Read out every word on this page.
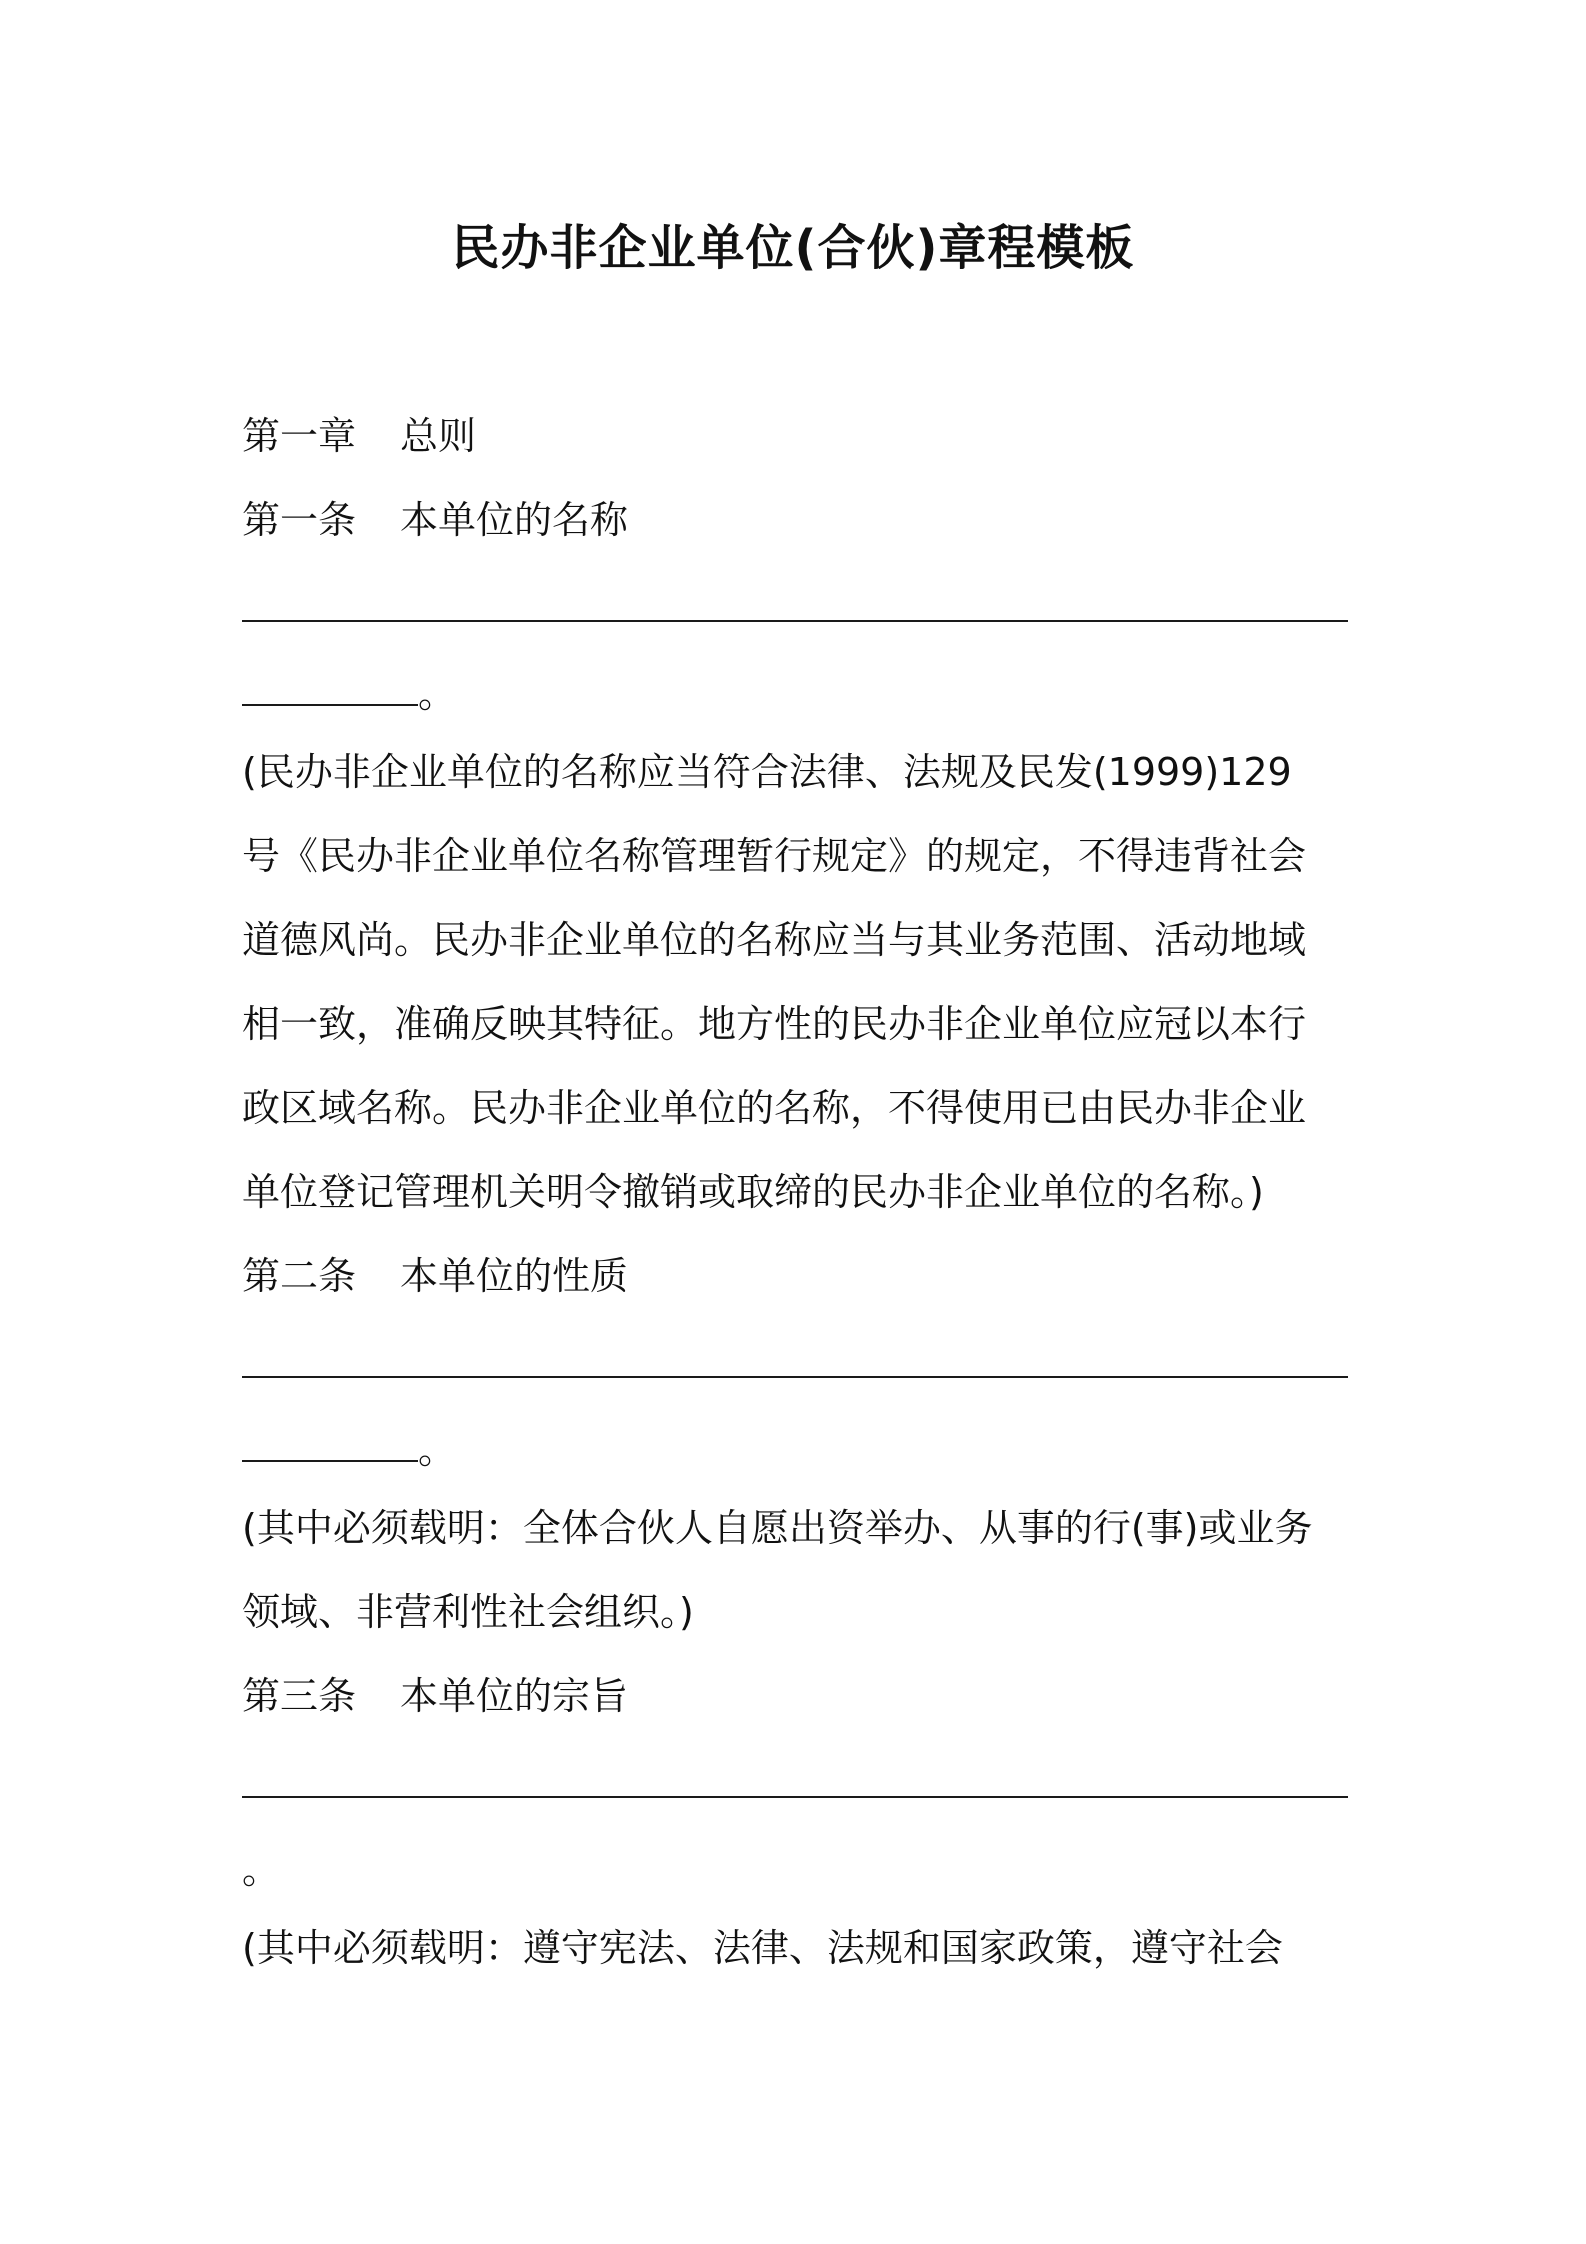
民办非企业单位(合伙)章程模板
第一章 总则
第一条 本单位的名称
。
(民办非企业单位的名称应当符合法律、法规及民发(1999)129
号《民办非企业单位名称管理暂行规定》的规定，不得违背社会
道德风尚。民办非企业单位的名称应当与其业务范围、活动地域
相一致，准确反映其特征。地方性的民办非企业单位应冠以本行
政区域名称。民办非企业单位的名称，不得使用已由民办非企业
单位登记管理机关明令撤销或取缔的民办非企业单位的名称。)
第二条 本单位的性质
。
(其中必须载明：全体合伙人自愿出资举办、从事的行(事)或业务
领域、非营利性社会组织。)
第三条 本单位的宗旨
。
(其中必须载明：遵守宪法、法律、法规和国家政策，遵守社会
